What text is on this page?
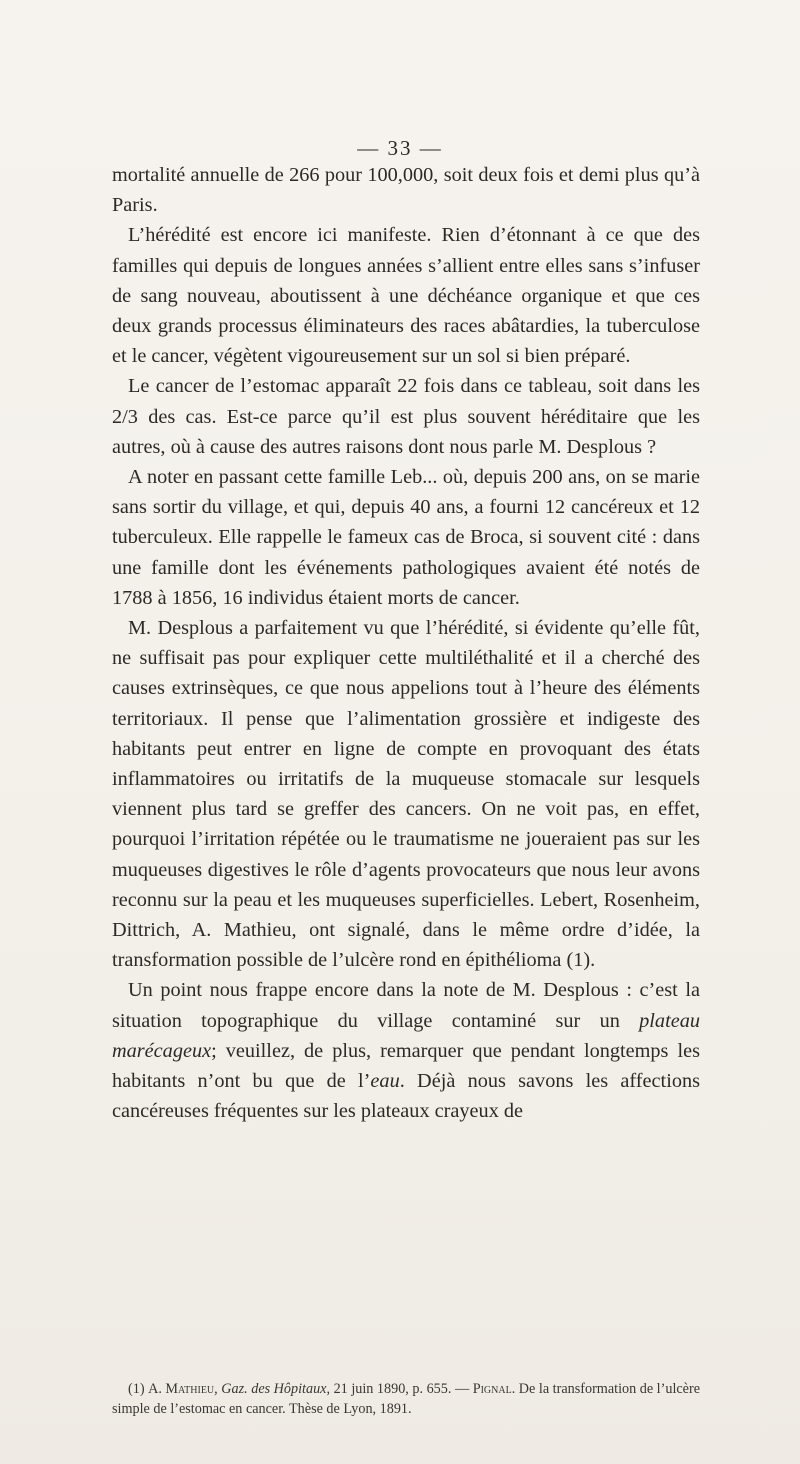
— 33 —

mortalité annuelle de 266 pour 100,000, soit deux fois et demi plus qu’à Paris.

L’hérédité est encore ici manifeste. Rien d’étonnant à ce que des familles qui depuis de longues années s’allient entre elles sans s’infuser de sang nouveau, aboutissent à une déchéance organique et que ces deux grands processus éliminateurs des races abâtardies, la tuberculose et le cancer, végètent vigoureusement sur un sol si bien préparé.

Le cancer de l’estomac apparaît 22 fois dans ce tableau, soit dans les 2/3 des cas. Est-ce parce qu’il est plus souvent héréditaire que les autres, où à cause des autres raisons dont nous parle M. Desplous ?

A noter en passant cette famille Leb... où, depuis 200 ans, on se marie sans sortir du village, et qui, depuis 40 ans, a fourni 12 cancéreux et 12 tuberculeux. Elle rappelle le fameux cas de Broca, si souvent cité : dans une famille dont les événements pathologiques avaient été notés de 1788 à 1856, 16 individus étaient morts de cancer.

M. Desplous a parfaitement vu que l’hérédité, si évidente qu’elle fût, ne suffisait pas pour expliquer cette multiléthalité et il a cherché des causes extrinsèques, ce que nous appelions tout à l’heure des éléments territoriaux. Il pense que l’alimentation grossière et indigeste des habitants peut entrer en ligne de compte en provoquant des états inflammatoires ou irritatifs de la muqueuse stomacale sur lesquels viennent plus tard se greffer des cancers. On ne voit pas, en effet, pourquoi l’irritation répétée ou le traumatisme ne joueraient pas sur les muqueuses digestives le rôle d’agents provocateurs que nous leur avons reconnu sur la peau et les muqueuses superficielles. Lebert, Rosenheim, Dittrich, A. Mathieu, ont signalé, dans le même ordre d’idée, la transformation possible de l’ulcère rond en épithélioma (1).

Un point nous frappe encore dans la note de M. Desplous : c’est la situation topographique du village contaminé sur un plateau marécageux; veuillez, de plus, remarquer que pendant longtemps les habitants n’ont bu que de l’eau. Déjà nous savons les affections cancéreuses fréquentes sur les plateaux crayeux de

(1) A. Mathieu, Gaz. des Hôpitaux, 21 juin 1890, p. 655. — Pignal. De la transformation de l’ulcère simple de l’estomac en cancer. Thèse de Lyon, 1891.
